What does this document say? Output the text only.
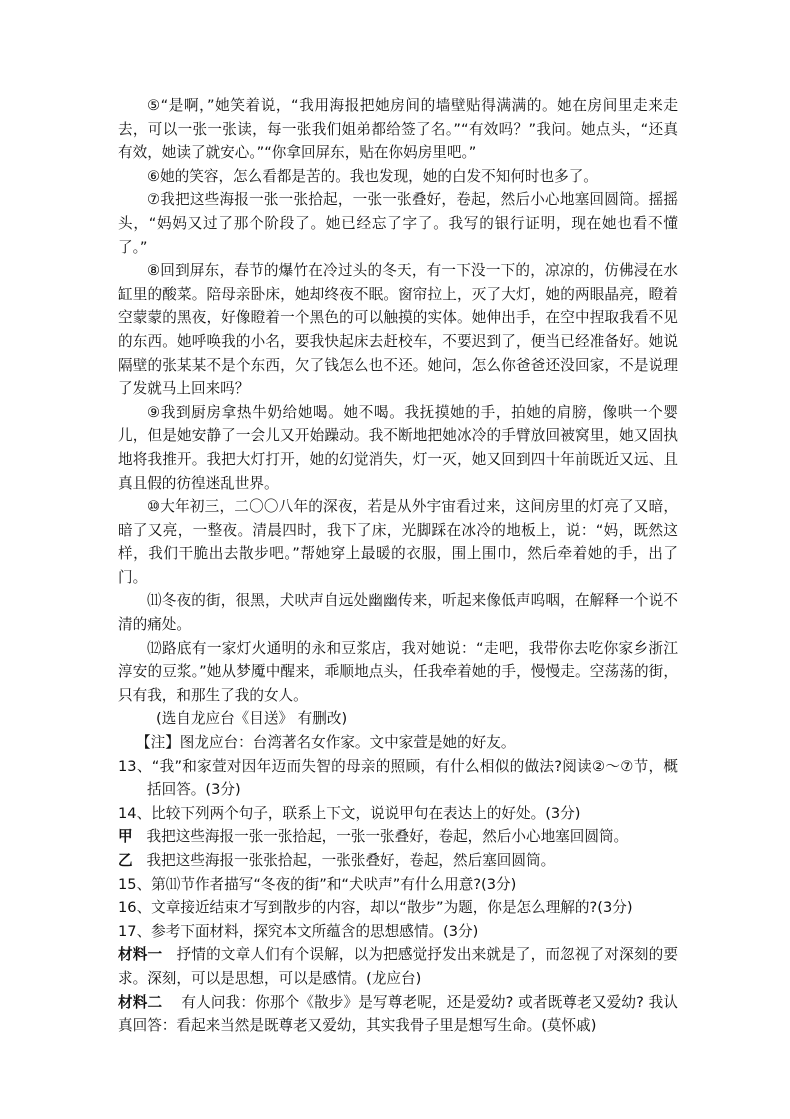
⑤“是啊，”她笑着说，“我用海报把她房间的墙壁贴得满满的。她在房间里走来走去，可以一张一张读，每一张我们姐弟都给签了名。”“有效吗？”我问。她点头，“还真有效，她读了就安心。”“你拿回屏东，贴在你妈房里吧。”

⑥她的笑容，怎么看都是苦的。我也发现，她的白发不知何时也多了。

⑦我把这些海报一张一张拾起，一张一张叠好，卷起，然后小心地塞回圆筒。摇摇头，“妈妈又过了那个阶段了。她已经忘了字了。我写的银行证明，现在她也看不懂了。”

⑧回到屏东，春节的爆竹在冷过头的冬天，有一下没一下的，凉凉的，仿佛浸在水缸里的酸菜。陪母亲卧床，她却终夜不眠。窗帘拉上，灭了大灯，她的两眼晶亮，瞪着空蒙蒙的黑夜，好像瞪着一个黑色的可以触摸的实体。她伸出手，在空中捏取我看不见的东西。她呼唤我的小名，要我快起床去赶校车，不要迟到了，便当已经准备好。她说隔壁的张某某不是个东西，欠了钱怎么也不还。她问，怎么你爸爸还没回家，不是说理了发就马上回来吗？

⑨我到厨房拿热牛奶给她喝。她不喝。我抚摸她的手，拍她的肩膀，像哄一个婴儿，但是她安静了一会儿又开始躁动。我不断地把她冰冷的手臂放回被窝里，她又固执地将我推开。我把大灯打开，她的幻觉消失，灯一灭，她又回到四十年前既近又远、且真且假的彷徨迷乱世界。

⑩大年初三，二〇〇八年的深夜，若是从外宇宙看过来，这间房里的灯亮了又暗，暗了又亮，一整夜。清晨四时，我下了床，光脚踩在冰冷的地板上，说：“妈，既然这样，我们干脆出去散步吧。”帮她穿上最暖的衣服，围上围巾，然后牵着她的手，出了门。

⑾冬夜的街，很黑，犬吠声自远处幽幽传来，听起来像低声呜咽，在解释一个说不清的痛处。

⑿路底有一家灯火通明的永和豆浆店，我对她说：“走吧，我带你去吃你家乡浙江淳安的豆浆。”她从梦魇中醒来，乖顺地点头，任我牵着她的手，慢慢走。空荡荡的街，只有我，和那生了我的女人。

(选自龙应台《目送》 有删改)

【注】图龙应台：台湾著名女作家。文中家萱是她的好友。

13、“我”和家萱对因年迈而失智的母亲的照顾，有什么相似的做法?阅读②～⑦节，概括回答。(3分)

14、比较下列两个句子，联系上下文，说说甲句在表达上的好处。(3分)

甲 我把这些海报一张一张拾起，一张一张叠好，卷起，然后小心地塞回圆筒。

乙 我把这些海报一张张拾起，一张张叠好，卷起，然后塞回圆筒。

15、第⑾节作者描写“冬夜的街”和“犬吠声”有什么用意?(3分)

16、文章接近结束才写到散步的内容，却以“散步”为题，你是怎么理解的?(3分)

17、参考下面材料，探究本文所蕴含的思想感情。(3分)

材料一 抒情的文章人们有个误解，以为把感觉抒发出来就是了，而忽视了对深刻的要求。深刻，可以是思想，可以是感情。(龙应台)

材料二 有人问我：你那个《散步》是写尊老呢，还是爱幼? 或者既尊老又爱幼? 我认真回答：看起来当然是既尊老又爱幼，其实我骨子里是想写生命。(莫怀戚)
